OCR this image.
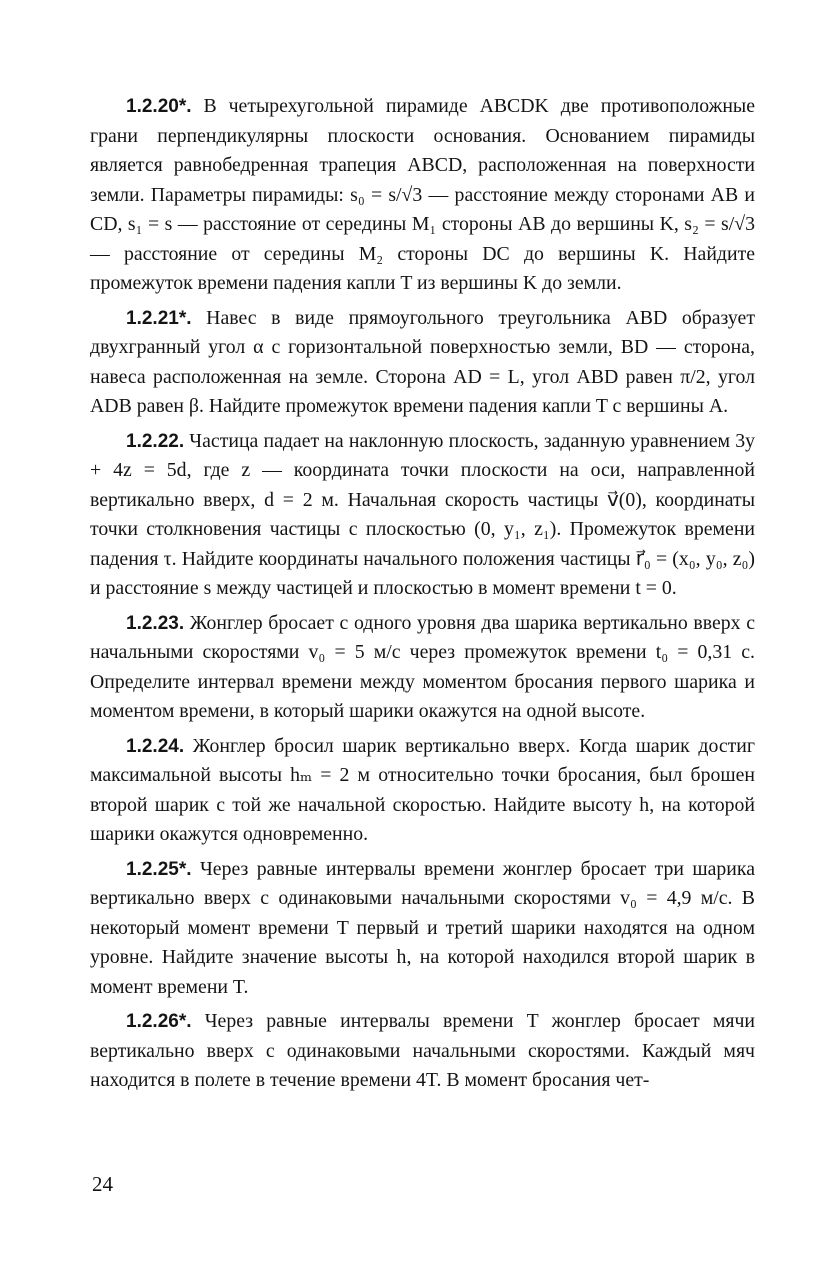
1.2.20*. В четырехугольной пирамиде ABCDK две противоположные грани перпендикулярны плоскости основания. Основанием пирамиды является равнобедренная трапеция ABCD, расположенная на поверхности земли. Параметры пирамиды: s₀ = s/√3 — расстояние между сторонами AB и CD, s₁ = s — расстояние от середины M₁ стороны AB до вершины K, s₂ = s/√3 — расстояние от середины M₂ стороны DC до вершины K. Найдите промежуток времени падения капли T из вершины K до земли.

1.2.21*. Навес в виде прямоугольного треугольника ABD образует двухгранный угол α с горизонтальной поверхностью земли, BD — сторона, навеса расположенная на земле. Сторона AD = L, угол ABD равен π/2, угол ADB равен β. Найдите промежуток времени падения капли T с вершины A.

1.2.22. Частица падает на наклонную плоскость, заданную уравнением 3y + 4z = 5d, где z — координата точки плоскости на оси, направленной вертикально вверх, d = 2 м. Начальная скорость частицы v⃗(0), координаты точки столкновения частицы с плоскостью (0, y₁, z₁). Промежуток времени падения τ. Найдите координаты начального положения частицы r⃗₀ = (x₀, y₀, z₀) и расстояние s между частицей и плоскостью в момент времени t = 0.

1.2.23. Жонглер бросает с одного уровня два шарика вертикально вверх с начальными скоростями v₀ = 5 м/с через промежуток времени t₀ = 0,31 с. Определите интервал времени между моментом бросания первого шарика и моментом времени, в который шарики окажутся на одной высоте.

1.2.24. Жонглер бросил шарик вертикально вверх. Когда шарик достиг максимальной высоты hₘ = 2 м относительно точки бросания, был брошен второй шарик с той же начальной скоростью. Найдите высоту h, на которой шарики окажутся одновременно.

1.2.25*. Через равные интервалы времени жонглер бросает три шарика вертикально вверх с одинаковыми начальными скоростями v₀ = 4,9 м/с. В некоторый момент времени T первый и третий шарики находятся на одном уровне. Найдите значение высоты h, на которой находился второй шарик в момент времени T.

1.2.26*. Через равные интервалы времени T жонглер бросает мячи вертикально вверх с одинаковыми начальными скоростями. Каждый мяч находится в полете в течение времени 4T. В момент бросания чет-

24
